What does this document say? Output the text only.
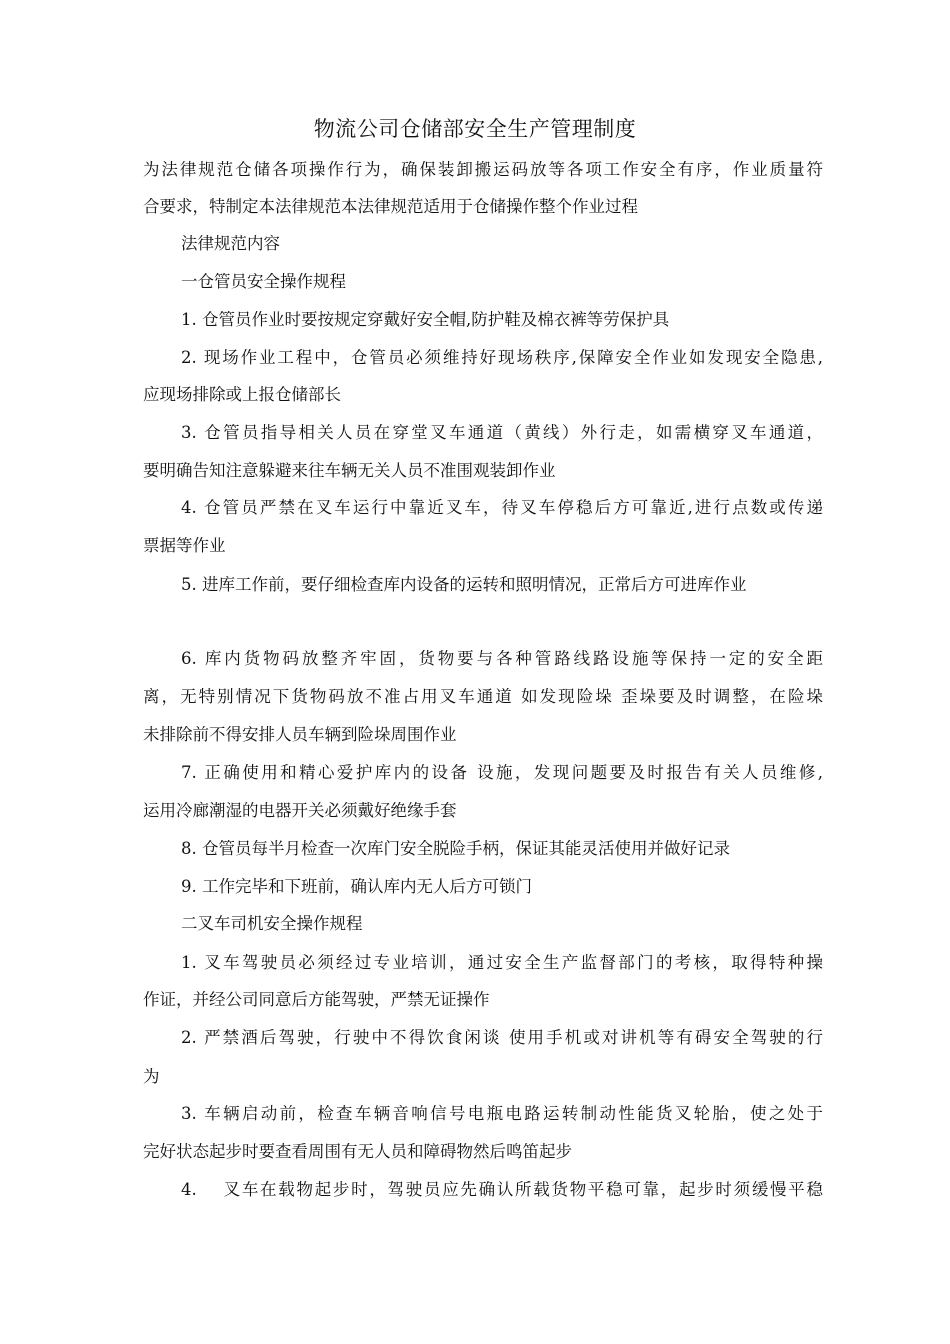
物流公司仓储部安全生产管理制度
为法律规范仓储各项操作行为，确保装卸搬运码放等各项工作安全有序，作业质量符
合要求，特制定本法律规范本法律规范适用于仓储操作整个作业过程
法律规范内容
一仓管员安全操作规程
1. 仓管员作业时要按规定穿戴好安全帽,防护鞋及棉衣裤等劳保护具
2. 现场作业工程中，仓管员必须维持好现场秩序,保障安全作业如发现安全隐患,
应现场排除或上报仓储部长
3. 仓管员指导相关人员在穿堂叉车通道（黄线）外行走，如需横穿叉车通道，
要明确告知注意躲避来往车辆无关人员不准围观装卸作业
4. 仓管员严禁在叉车运行中靠近叉车，待叉车停稳后方可靠近,进行点数或传递
票据等作业
5. 进库工作前，要仔细检查库内设备的运转和照明情况，正常后方可进库作业
6. 库内货物码放整齐牢固，货物要与各种管路线路设施等保持一定的安全距
离，无特别情况下货物码放不准占用叉车通道 如发现险垛 歪垛要及时调整，在险垛
未排除前不得安排人员车辆到险垛周围作业
7. 正确使用和精心爱护库内的设备 设施，发现问题要及时报告有关人员维修,
运用冷廊潮湿的电器开关必须戴好绝缘手套
8. 仓管员每半月检查一次库门安全脱险手柄，保证其能灵活使用并做好记录
9. 工作完毕和下班前，确认库内无人后方可锁门
二叉车司机安全操作规程
1. 叉车驾驶员必须经过专业培训，通过安全生产监督部门的考核，取得特种操
作证，并经公司同意后方能驾驶，严禁无证操作
2. 严禁酒后驾驶，行驶中不得饮食闲谈 使用手机或对讲机等有碍安全驾驶的行
为
3. 车辆启动前，检查车辆音响信号电瓶电路运转制动性能货叉轮胎，使之处于
完好状态起步时要查看周围有无人员和障碍物然后鸣笛起步
4.　 叉车在载物起步时，驾驶员应先确认所载货物平稳可靠，起步时须缓慢平稳
